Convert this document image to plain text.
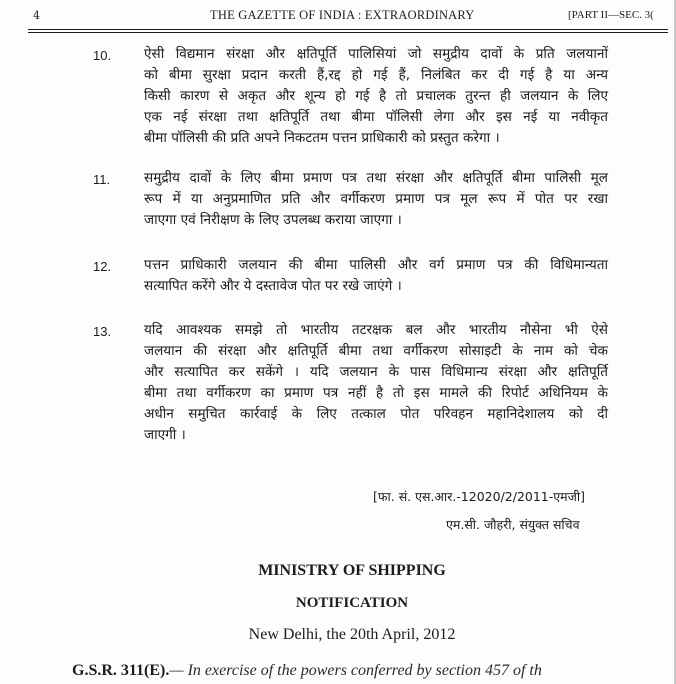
4	THE GAZETTE OF INDIA : EXTRAORDINARY	[PART II—SEC. 3(
10. ऐसी विद्यमान संरक्षा और क्षतिपूर्ति पालिसियां जो समुद्रीय दावों के प्रति जलयानों
को बीमा सुरक्षा प्रदान करती हैं,रद्द हो गई हैं, निलंबित कर दी गई है या अन्य
किसी कारण से अकृत और शून्य हो गई है तो प्रचालक तुरन्त ही जलयान के लिए
एक नई संरक्षा तथा क्षतिपूर्ति तथा बीमा पॉलिसी लेगा और इस नई या नवीकृत
बीमा पॉलिसी की प्रति अपने निकटतम पत्तन प्राधिकारी को प्रस्तुत करेगा ।
11. समुद्रीय दावों के लिए बीमा प्रमाण पत्र तथा संरक्षा और क्षतिपूर्ति बीमा पालिसी मूल
रूप में या अनुप्रमाणित प्रति और वर्गीकरण प्रमाण पत्र मूल रूप में पोत पर रखा
जाएगा एवं निरीक्षण के लिए उपलब्ध कराया जाएगा ।
12. पत्तन प्राधिकारी जलयान की बीमा पालिसी और वर्ग प्रमाण पत्र की विधिमान्यता
सत्यापित करेंगे और ये दस्तावेज पोत पर रखे जाएंगे ।
13. यदि आवश्यक समझे तो भारतीय तटरक्षक बल और भारतीय नौसेना भी ऐसे
जलयान की संरक्षा और क्षतिपूर्ति बीमा तथा वर्गीकरण सोसाइटी के नाम को चेक
और सत्यापित कर सकेंगे । यदि जलयान के पास विधिमान्य संरक्षा और क्षतिपूर्ति
बीमा तथा वर्गीकरण का प्रमाण पत्र नहीं है तो इस मामले की रिपोर्ट अधिनियम के
अधीन समुचित कार्रवाई के लिए तत्काल पोत परिवहन महानिदेशालय को दी
जाएगी ।
[फा. सं. एस.आर.-12020/2/2011-एमजी]
एम.सी. जौहरी, संयुक्त सचिव
MINISTRY OF SHIPPING
NOTIFICATION
New Delhi, the 20th April, 2012
G.S.R. 311(E).— In exercise of the powers conferred by section 457 of th
